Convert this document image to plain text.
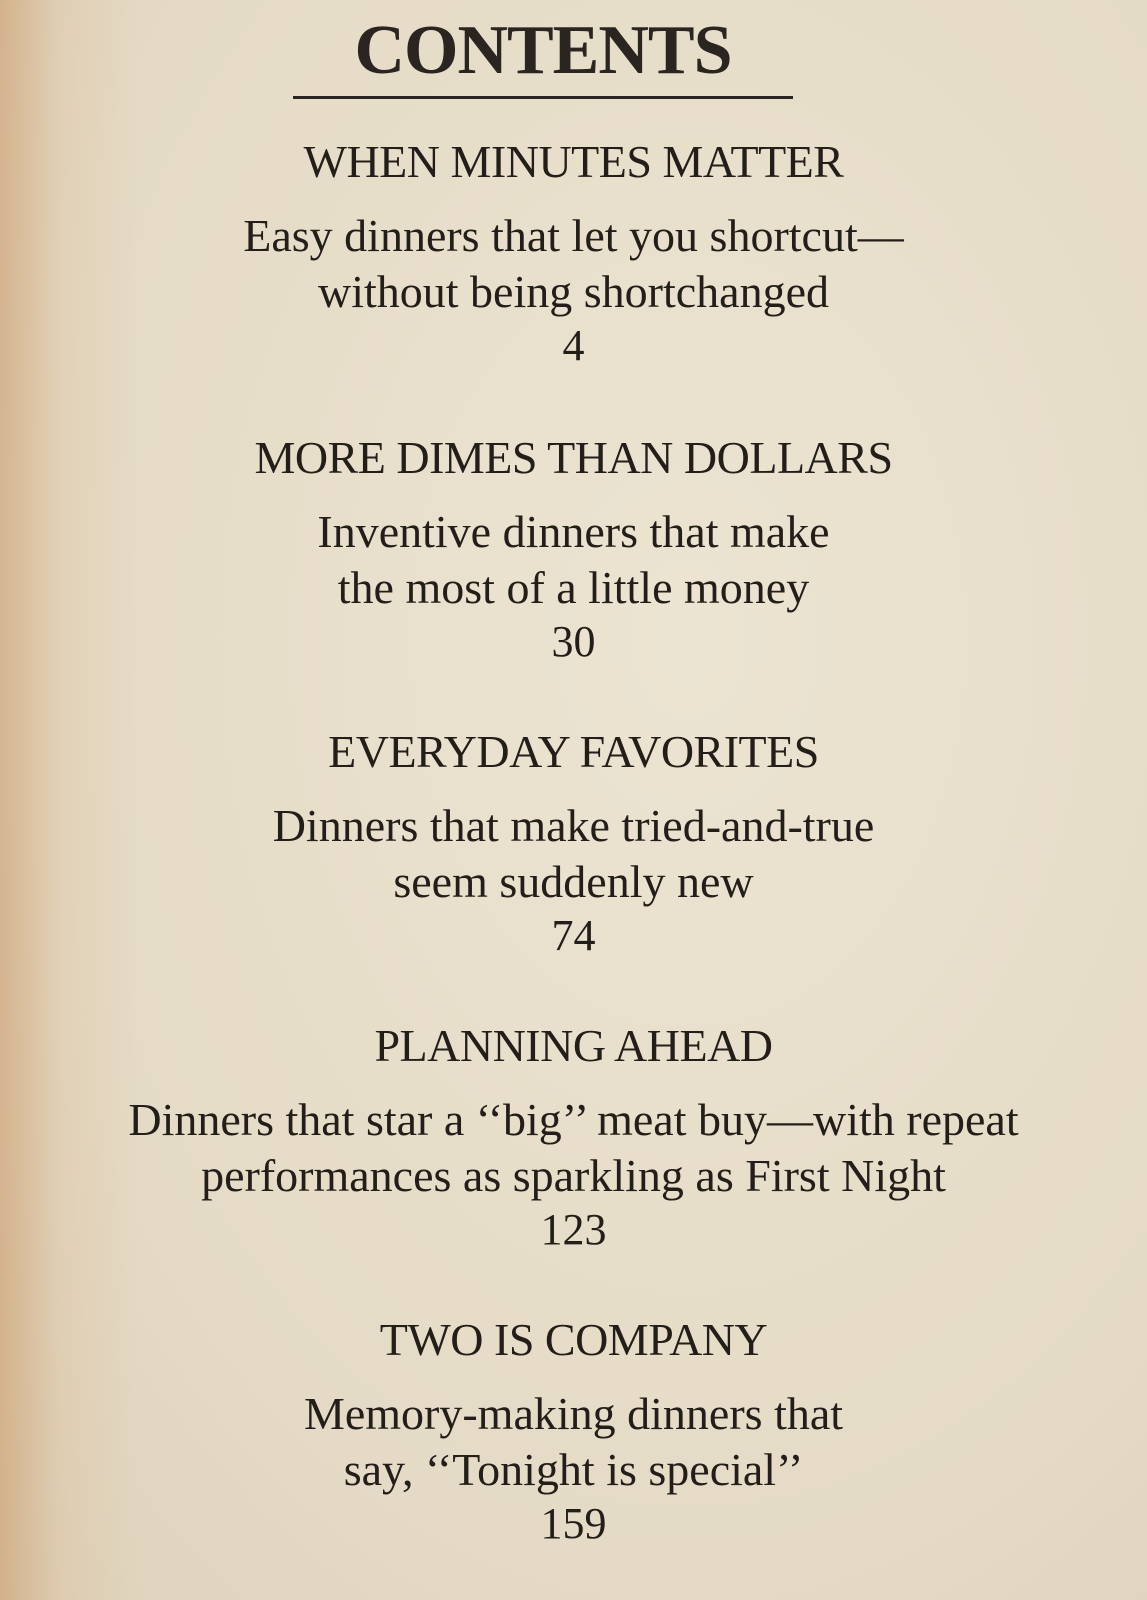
CONTENTS
WHEN MINUTES MATTER
Easy dinners that let you shortcut—
without being shortchanged
4
MORE DIMES THAN DOLLARS
Inventive dinners that make
the most of a little money
30
EVERYDAY FAVORITES
Dinners that make tried-and-true
seem suddenly new
74
PLANNING AHEAD
Dinners that star a ‘‘big’’ meat buy—with repeat
performances as sparkling as First Night
123
TWO IS COMPANY
Memory-making dinners that
say, ‘‘Tonight is special’’
159
